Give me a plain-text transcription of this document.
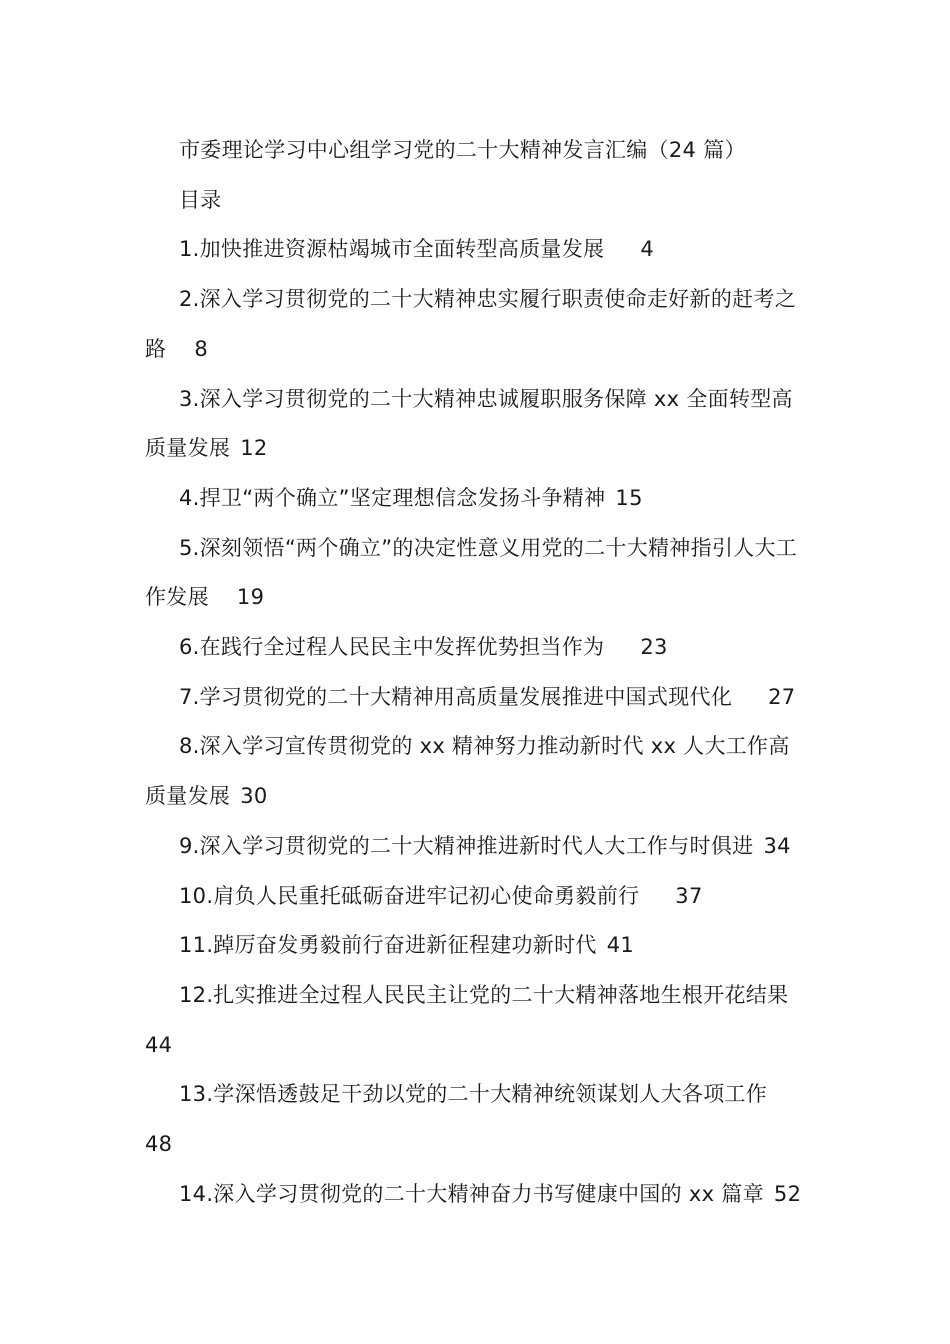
市委理论学习中心组学习党的二十大精神发言汇编（24 篇）

目录

1.加快推进资源枯竭城市全面转型高质量发展 4

2.深入学习贯彻党的二十大精神忠实履行职责使命走好新的赶考之路 8

3.深入学习贯彻党的二十大精神忠诚履职服务保障 xx 全面转型高质量发展 12

4.捍卫“两个确立”坚定理想信念发扬斗争精神 15

5.深刻领悟“两个确立”的决定性意义用党的二十大精神指引人大工作发展 19

6.在践行全过程人民民主中发挥优势担当作为 23

7.学习贯彻党的二十大精神用高质量发展推进中国式现代化 27

8.深入学习宣传贯彻党的 xx 精神努力推动新时代 xx 人大工作高质量发展 30

9.深入学习贯彻党的二十大精神推进新时代人大工作与时俱进 34

10.肩负人民重托砥砺奋进牢记初心使命勇毅前行 37

11.踔厉奋发勇毅前行奋进新征程建功新时代 41

12.扎实推进全过程人民民主让党的二十大精神落地生根开花结果44

13.学深悟透鼓足干劲以党的二十大精神统领谋划人大各项工作48

14.深入学习贯彻党的二十大精神奋力书写健康中国的 xx 篇章 52
